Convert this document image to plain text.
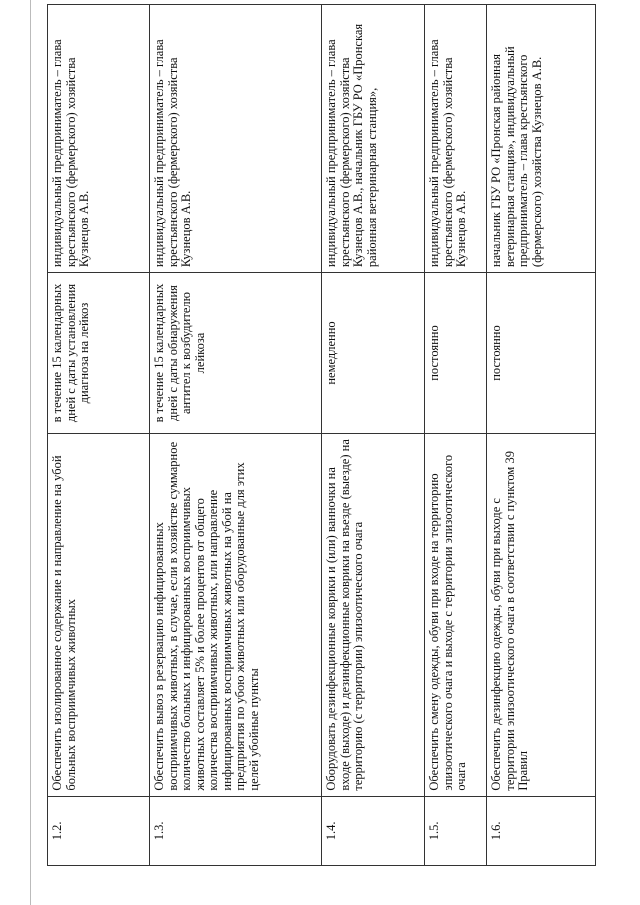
1.2.	Обеспечить изолированное содержание и направление на убой больных восприимчивых животных	в течение 15 календарных дней с даты установления диагноза на лейкоз	индивидуальный предприниматель – глава крестьянского (фермерского) хозяйства Кузнецов А.В.
1.3.	Обеспечить вывоз в резервацию инфицированных восприимчивых животных, в случае, если в хозяйстве суммарное количество больных и инфицированных восприимчивых животных составляет 5% и более процентов от общего количества восприимчивых животных, или направление инфицированных восприимчивых животных на убой на предприятия по убою животных или оборудованные для этих целей убойные пункты	в течение 15 календарных дней с даты обнаружения антител к возбудителю лейкоза	индивидуальный предприниматель – глава крестьянского (фермерского) хозяйства Кузнецов А.В.
1.4.	Оборудовать дезинфекционные коврики и (или) ванночки на входе (выходе) и дезинфекционные коврики на въезде (выезде) на территорию (с территории) эпизоотического очага	немедленно	индивидуальный предприниматель – глава крестьянского (фермерского) хозяйства Кузнецов А.В., начальник ГБУ РО «Пронская районная ветеринарная станция»,
1.5.	Обеспечить смену одежды, обуви при входе на территорию эпизоотического очага и выходе с территории эпизоотического очага	постоянно	индивидуальный предприниматель – глава крестьянского (фермерского) хозяйства Кузнецов А.В.
1.6.	Обеспечить дезинфекцию одежды, обуви при выходе с территории эпизоотического очага в соответствии с пунктом 39 Правил	постоянно	начальник ГБУ РО «Пронская районная ветеринарная станция», индивидуальный предприниматель – глава крестьянского (фермерского) хозяйства Кузнецов А.В.
